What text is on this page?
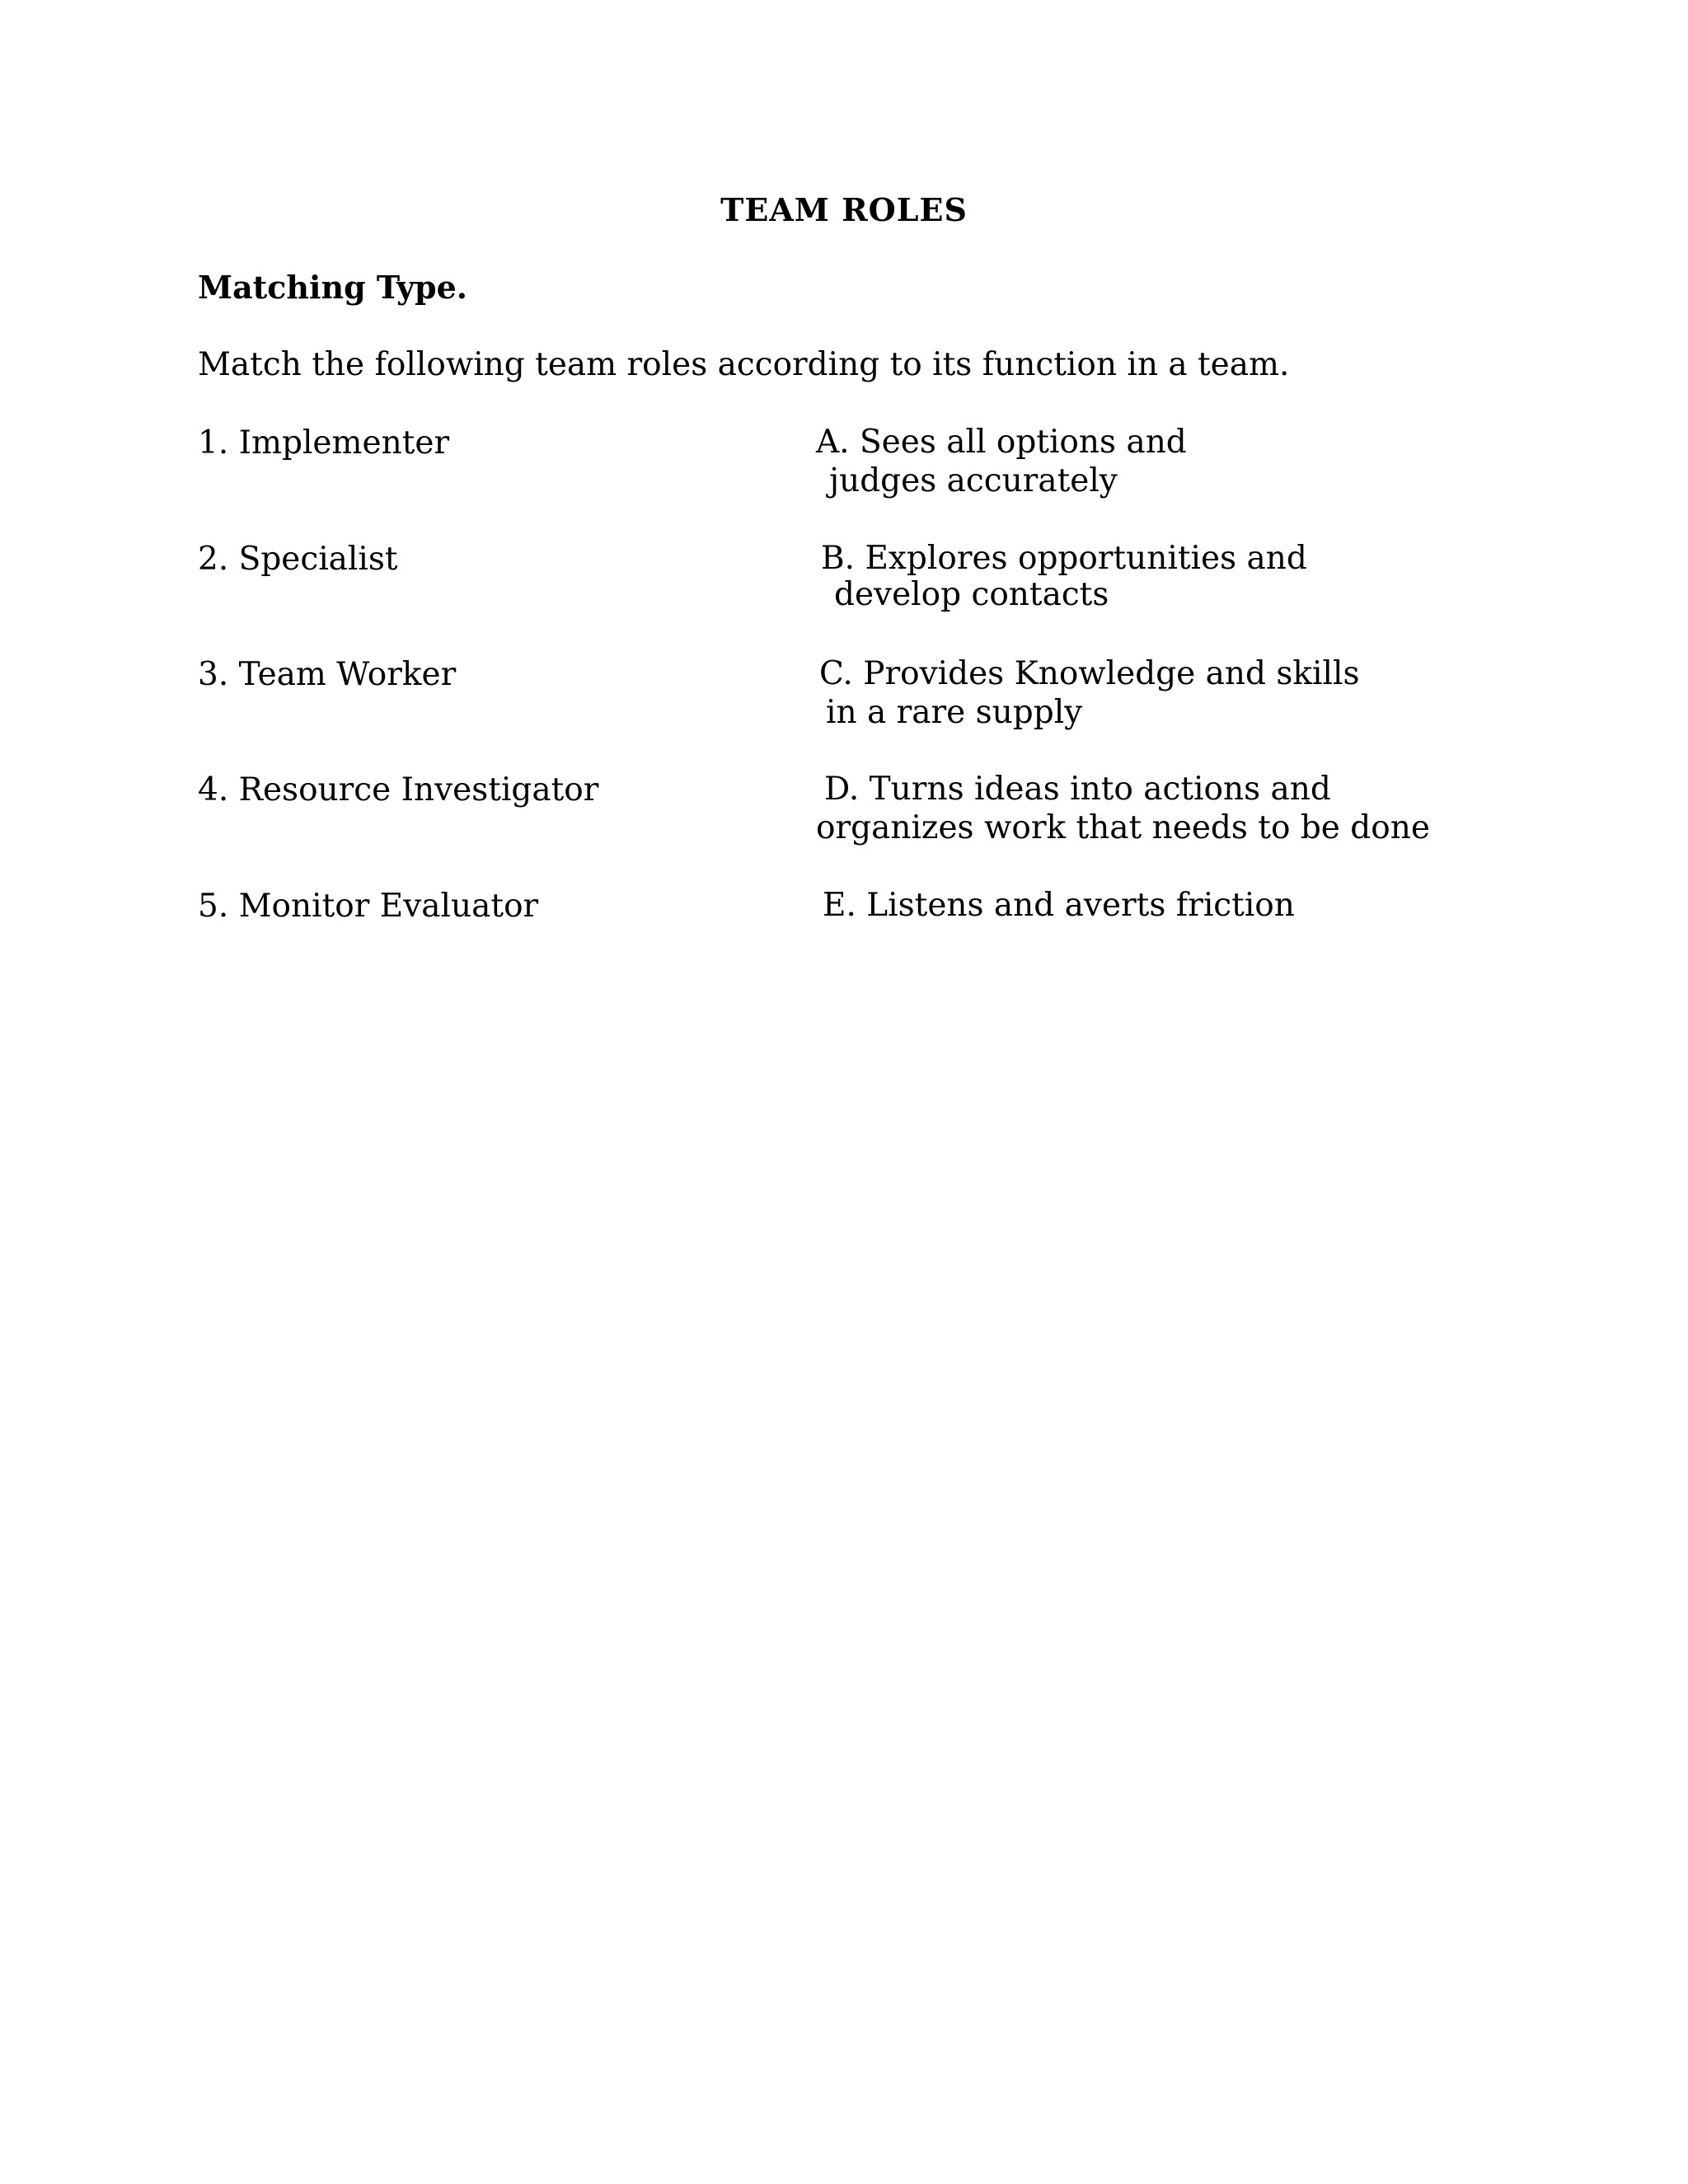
TEAM ROLES
Matching Type.

Match the following team roles according to its function in a team.

1. Implementer

2. Specialist

3. Team Worker

4. Resource Investigator

5. Monitor Evaluator

A. Sees all options and
judges accurately
B. Explores opportunities and
develop contacts
C. Provides Knowledge and skills
in a rare supply
D. Turns ideas into actions and
organizes work that needs to be done
E. Listens and averts friction
